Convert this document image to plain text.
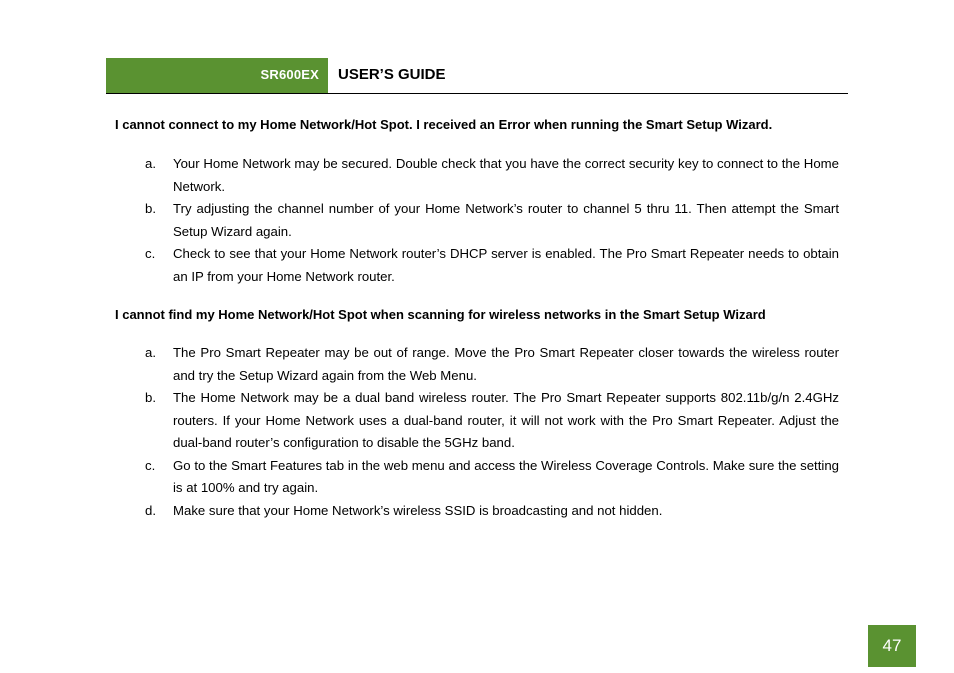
SR600EX USER’S GUIDE
I cannot connect to my Home Network/Hot Spot. I received an Error when running the Smart Setup Wizard.
a. Your Home Network may be secured. Double check that you have the correct security key to connect to the Home Network.
b. Try adjusting the channel number of your Home Network’s router to channel 5 thru 11. Then attempt the Smart Setup Wizard again.
c. Check to see that your Home Network router’s DHCP server is enabled. The Pro Smart Repeater needs to obtain an IP from your Home Network router.
I cannot find my Home Network/Hot Spot when scanning for wireless networks in the Smart Setup Wizard
a. The Pro Smart Repeater may be out of range. Move the Pro Smart Repeater closer towards the wireless router and try the Setup Wizard again from the Web Menu.
b. The Home Network may be a dual band wireless router. The Pro Smart Repeater supports 802.11b/g/n 2.4GHz routers. If your Home Network uses a dual-band router, it will not work with the Pro Smart Repeater. Adjust the dual-band router’s configuration to disable the 5GHz band.
c. Go to the Smart Features tab in the web menu and access the Wireless Coverage Controls. Make sure the setting is at 100% and try again.
d. Make sure that your Home Network’s wireless SSID is broadcasting and not hidden.
47
